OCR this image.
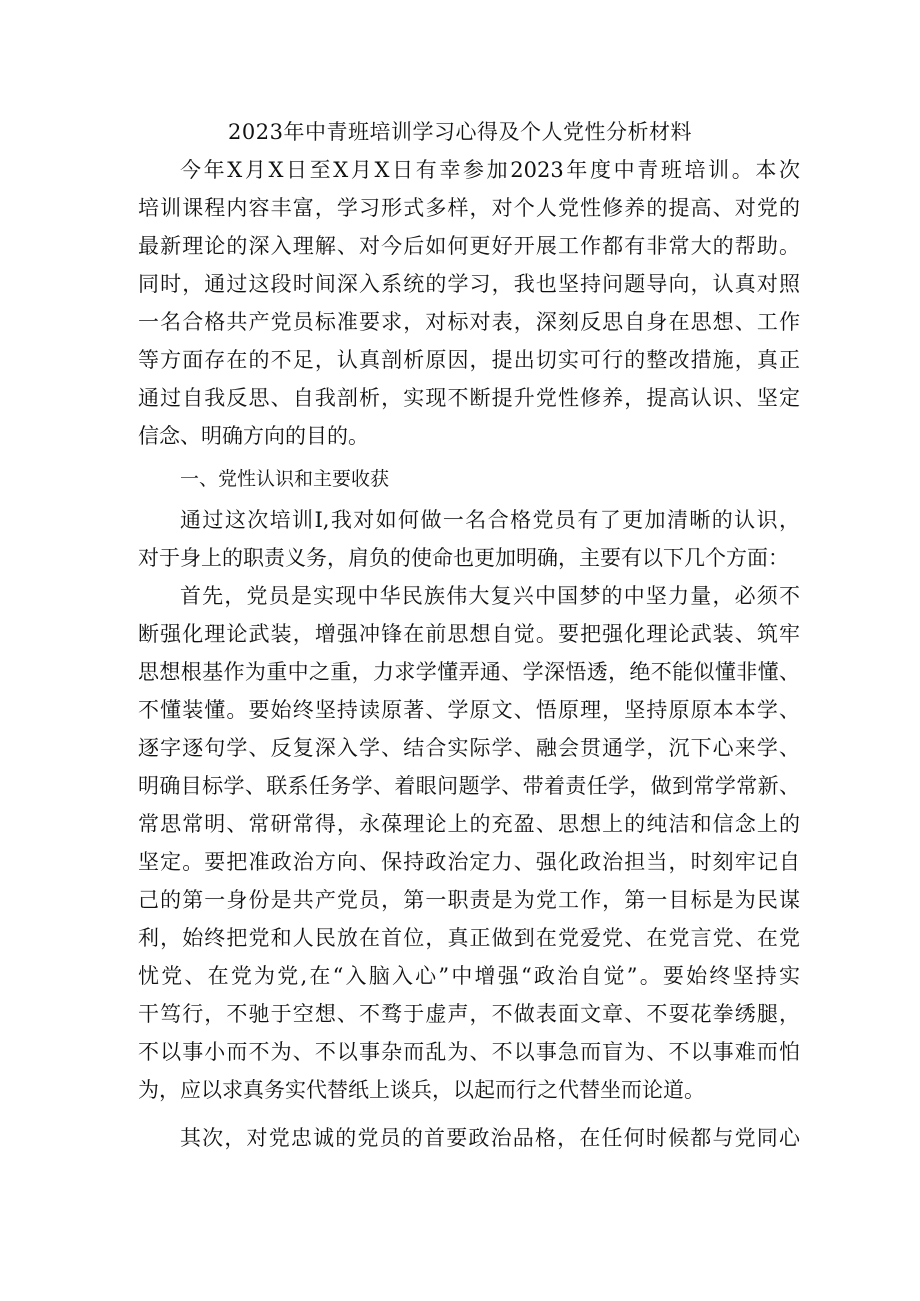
2023年中青班培训学习心得及个人党性分析材料
今年X月X日至X月X日有幸参加2023年度中青班培训。本次
培训课程内容丰富，学习形式多样，对个人党性修养的提高、对党的
最新理论的深入理解、对今后如何更好开展工作都有非常大的帮助。
同时，通过这段时间深入系统的学习，我也坚持问题导向，认真对照
一名合格共产党员标准要求，对标对表，深刻反思自身在思想、工作
等方面存在的不足，认真剖析原因，提出切实可行的整改措施，真正
通过自我反思、自我剖析，实现不断提升党性修养，提高认识、坚定
信念、明确方向的目的。
一、党性认识和主要收获
通过这次培训I,我对如何做一名合格党员有了更加清晰的认识，
对于身上的职责义务，肩负的使命也更加明确，主要有以下几个方面：
首先，党员是实现中华民族伟大复兴中国梦的中坚力量，必须不
断强化理论武装，增强冲锋在前思想自觉。要把强化理论武装、筑牢
思想根基作为重中之重，力求学懂弄通、学深悟透，绝不能似懂非懂、
不懂装懂。要始终坚持读原著、学原文、悟原理，坚持原原本本学、
逐字逐句学、反复深入学、结合实际学、融会贯通学，沉下心来学、
明确目标学、联系任务学、着眼问题学、带着责任学，做到常学常新、
常思常明、常研常得，永葆理论上的充盈、思想上的纯洁和信念上的
坚定。要把准政治方向、保持政治定力、强化政治担当，时刻牢记自
己的第一身份是共产党员，第一职责是为党工作，第一目标是为民谋
利，始终把党和人民放在首位，真正做到在党爱党、在党言党、在党
忧党、在党为党,在“入脑入心”中增强“政治自觉”。要始终坚持实
干笃行，不驰于空想、不骛于虚声，不做表面文章、不耍花拳绣腿，
不以事小而不为、不以事杂而乱为、不以事急而盲为、不以事难而怕
为，应以求真务实代替纸上谈兵，以起而行之代替坐而论道。
其次，对党忠诚的党员的首要政治品格，在任何时候都与党同心
